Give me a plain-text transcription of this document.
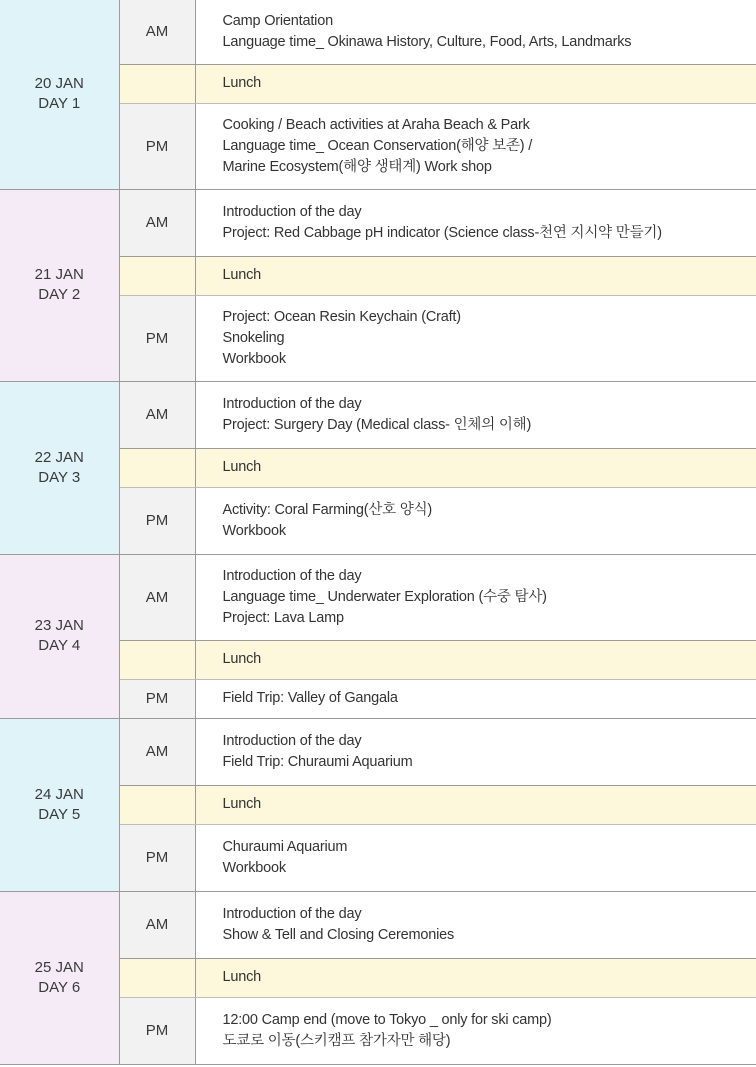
20 JAN
DAY 1	AM	Camp Orientation
Language time_ Okinawa History, Culture, Food, Arts, Landmarks

		Lunch
	PM	Cooking / Beach activities at Araha Beach & Park
Language time_ Ocean Conservation(해양 보존) /
Marine Ecosystem(해양 생태계) Work shop

21 JAN
DAY 2	AM	Introduction of the day
Project: Red Cabbage pH indicator (Science class-천연 지시약 만들기)

		Lunch
	PM	Project: Ocean Resin Keychain (Craft)
Snokeling
Workbook

22 JAN
DAY 3	AM	Introduction of the day
Project: Surgery Day (Medical class- 인체의 이해)

		Lunch
	PM	Activity: Coral Farming(산호 양식)
Workbook

23 JAN
DAY 4	AM	Introduction of the day
Language time_ Underwater Exploration (수중 탐사)
Project: Lava Lamp

		Lunch
	PM	Field Trip: Valley of Gangala

24 JAN
DAY 5	AM	Introduction of the day
Field Trip: Churaumi Aquarium

		Lunch
	PM	Churaumi Aquarium
Workbook

25 JAN
DAY 6	AM	Introduction of the day
Show & Tell and Closing Ceremonies

		Lunch
	PM	12:00 Camp end (move to Tokyo _ only for ski camp)
도쿄로 이동(스키캠프 참가자만 해당)
